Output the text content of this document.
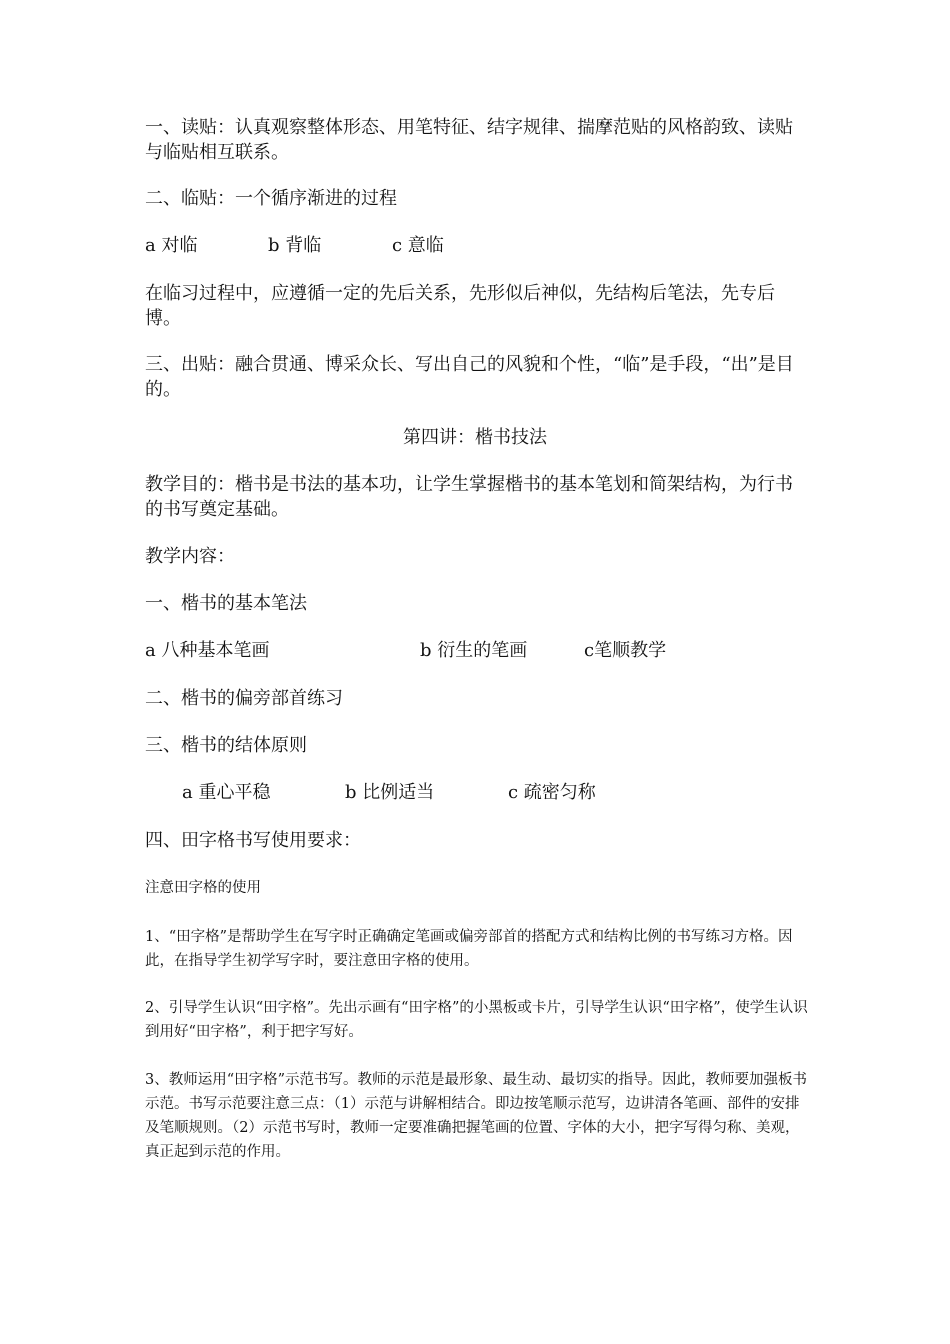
一、读贴：认真观察整体形态、用笔特征、结字规律、揣摩范贴的风格韵致、读贴与临贴相互联系。

二、临贴：一个循序渐进的过程

a 对临	b 背临	c 意临

在临习过程中，应遵循一定的先后关系，先形似后神似，先结构后笔法，先专后博。

三、出贴：融合贯通、博采众长、写出自己的风貌和个性，“临”是手段，“出”是目的。

第四讲：楷书技法

教学目的：楷书是书法的基本功，让学生掌握楷书的基本笔划和简架结构，为行书的书写奠定基础。

教学内容：

一、楷书的基本笔法

a 八种基本笔画	b 衍生的笔画	c笔顺教学

二、楷书的偏旁部首练习

三、楷书的结体原则

a 重心平稳	b 比例适当	c 疏密匀称

四、田字格书写使用要求：

注意田字格的使用

1、“田字格”是帮助学生在写字时正确确定笔画或偏旁部首的搭配方式和结构比例的书写练习方格。因此，在指导学生初学写字时，要注意田字格的使用。

2、引导学生认识“田字格”。先出示画有“田字格”的小黑板或卡片，引导学生认识“田字格”，使学生认识到用好“田字格”，利于把字写好。

3、教师运用“田字格”示范书写。教师的示范是最形象、最生动、最切实的指导。因此，教师要加强板书示范。书写示范要注意三点：（1）示范与讲解相结合。即边按笔顺示范写，边讲清各笔画、部件的安排及笔顺规则。（2）示范书写时，教师一定要准确把握笔画的位置、字体的大小，把字写得匀称、美观，真正起到示范的作用。
